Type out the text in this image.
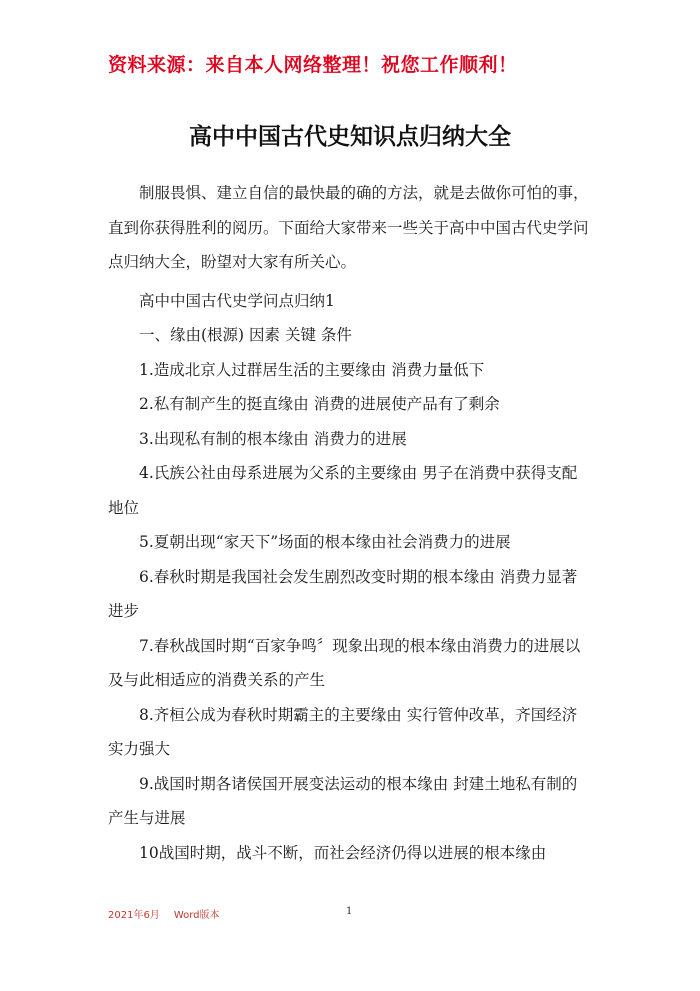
资料来源：来自本人网络整理！祝您工作顺利！
高中中国古代史知识点归纳大全

制服畏惧、建立自信的最快最的确的方法，就是去做你可怕的事，直到你获得胜利的阅历。下面给大家带来一些关于高中中国古代史学问点归纳大全，盼望对大家有所关心。

高中中国古代史学问点归纳1

一、缘由(根源) 因素 关键 条件

1.造成北京人过群居生活的主要缘由 消费力量低下

2.私有制产生的挺直缘由 消费的进展使产品有了剩余

3.出现私有制的根本缘由 消费力的进展

4.氏族公社由母系进展为父系的主要缘由 男子在消费中获得支配地位

5.夏朝出现“家天下”场面的根本缘由社会消费力的进展

6.春秋时期是我国社会发生剧烈改变时期的根本缘由 消费力显著进步

7.春秋战国时期“百家争鸣〞现象出现的根本缘由消费力的进展以及与此相适应的消费关系的产生

8.齐桓公成为春秋时期霸主的主要缘由 实行管仲改革，齐国经济实力强大

9.战国时期各诸侯国开展变法运动的根本缘由 封建土地私有制的产生与进展

10战国时期，战斗不断，而社会经济仍得以进展的根本缘由

2021年6月 Word版本	1
